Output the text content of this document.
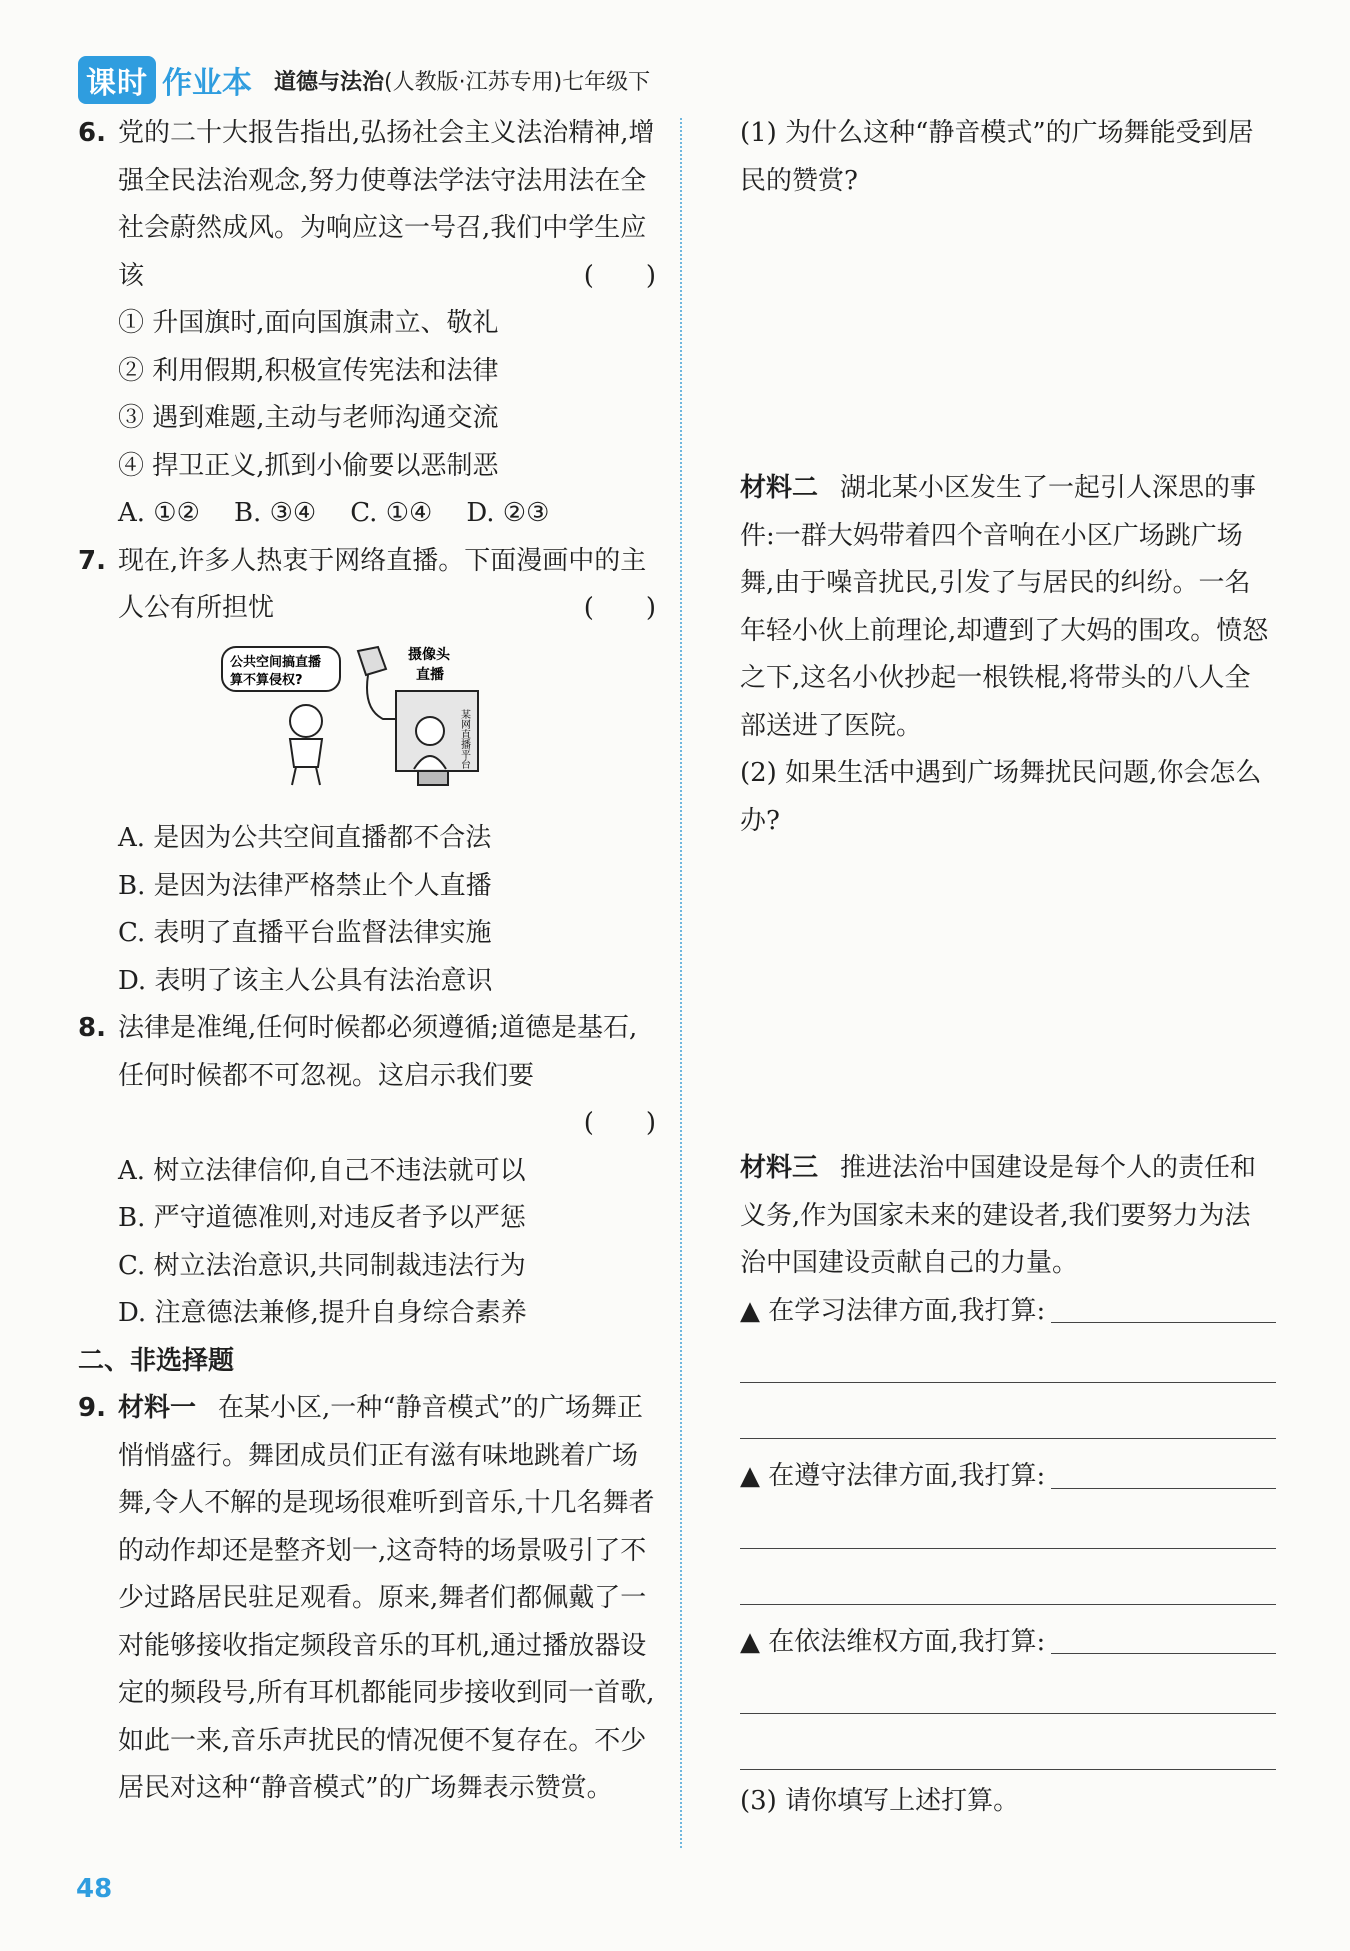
课时 作业本 道德与法治 (人教版·江苏专用)七年级下
6. 党的二十大报告指出,弘扬社会主义法治精神,增强全民法治观念,努力使尊法学法守法用法在全社会蔚然成风。为响应这一号召,我们中学生应该	(　　)
① 升国旗时,面向国旗肃立、敬礼
② 利用假期,积极宣传宪法和法律
③ 遇到难题,主动与老师沟通交流
④ 捍卫正义,抓到小偷要以恶制恶
A. ①② B. ③④ C. ①④ D. ②③
7. 现在,许多人热衷于网络直播。下面漫画中的主人公有所担忧	(　　)
公共空间搞直播
算不算侵权?
摄像头
直播
某网直播平台
A. 是因为公共空间直播都不合法
B. 是因为法律严格禁止个人直播
C. 表明了直播平台监督法律实施
D. 表明了该主人公具有法治意识
8. 法律是准绳,任何时候都必须遵循;道德是基石,任何时候都不可忽视。这启示我们要
(　　)
A. 树立法律信仰,自己不违法就可以
B. 严守道德准则,对违反者予以严惩
C. 树立法治意识,共同制裁违法行为
D. 注意德法兼修,提升自身综合素养
二、非选择题
9. 材料一 在某小区,一种“静音模式”的广场舞正悄悄盛行。舞团成员们正有滋有味地跳着广场舞,令人不解的是现场很难听到音乐,十几名舞者的动作却还是整齐划一,这奇特的场景吸引了不少过路居民驻足观看。原来,舞者们都佩戴了一对能够接收指定频段音乐的耳机,通过播放器设定的频段号,所有耳机都能同步接收到同一首歌,如此一来,音乐声扰民的情况便不复存在。不少居民对这种“静音模式”的广场舞表示赞赏。
(1) 为什么这种“静音模式”的广场舞能受到居民的赞赏?
材料二 湖北某小区发生了一起引人深思的事件:一群大妈带着四个音响在小区广场跳广场舞,由于噪音扰民,引发了与居民的纠纷。一名年轻小伙上前理论,却遭到了大妈的围攻。愤怒之下,这名小伙抄起一根铁棍,将带头的八人全部送进了医院。
(2) 如果生活中遇到广场舞扰民问题,你会怎么办?
材料三 推进法治中国建设是每个人的责任和义务,作为国家未来的建设者,我们要努力为法治中国建设贡献自己的力量。
▲ 在学习法律方面,我打算:
▲ 在遵守法律方面,我打算:
▲ 在依法维权方面,我打算:
(3) 请你填写上述打算。
48
